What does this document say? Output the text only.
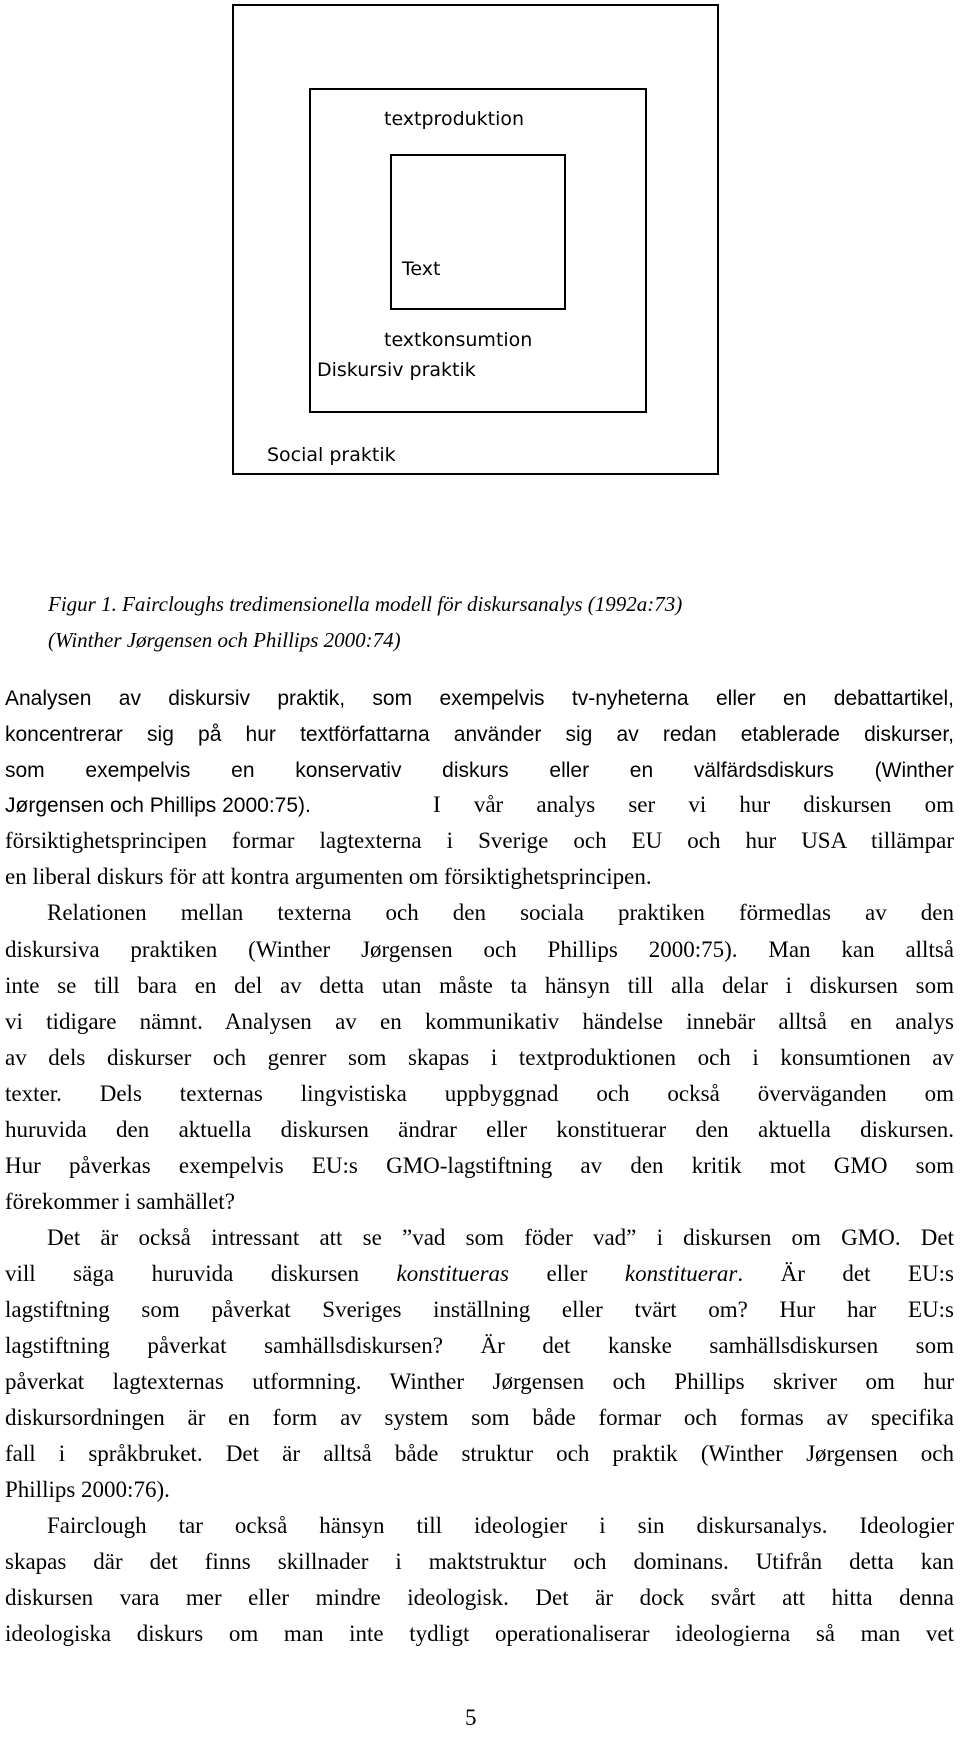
textproduktion
Text
textkonsumtion
Diskursiv praktik
Social praktik
Figur 1. Faircloughs tredimensionella modell för diskursanalys (1992a:73)
(Winther Jørgensen och Phillips 2000:74)
Analysen av diskursiv praktik, som exempelvis tv-nyheterna eller en debattartikel,
koncentrerar sig på hur textförfattarna använder sig av redan etablerade diskurser,
som exempelvis en konservativ diskurs eller en välfärdsdiskurs (Winther
Jørgensen och Phillips 2000:75).	I vår analys ser vi hur diskursen om
försiktighetsprincipen formar lagtexterna i Sverige och EU och hur USA tillämpar
en liberal diskurs för att kontra argumenten om försiktighetsprincipen.
Relationen mellan texterna och den sociala praktiken förmedlas av den
diskursiva praktiken (Winther Jørgensen och Phillips 2000:75). Man kan alltså
inte se till bara en del av detta utan måste ta hänsyn till alla delar i diskursen som
vi tidigare nämnt. Analysen av en kommunikativ händelse innebär alltså en analys
av dels diskurser och genrer som skapas i textproduktionen och i konsumtionen av
texter. Dels texternas lingvistiska uppbyggnad och också överväganden om
huruvida den aktuella diskursen ändrar eller konstituerar den aktuella diskursen.
Hur påverkas exempelvis EU:s GMO-lagstiftning av den kritik mot GMO som
förekommer i samhället?
Det är också intressant att se ”vad som föder vad” i diskursen om GMO. Det
vill säga huruvida diskursen konstitueras eller konstituerar. Är det EU:s
lagstiftning som påverkat Sveriges inställning eller tvärt om? Hur har EU:s
lagstiftning påverkat samhällsdiskursen? Är det kanske samhällsdiskursen som
påverkat lagtexternas utformning. Winther Jørgensen och Phillips skriver om hur
diskursordningen är en form av system som både formar och formas av specifika
fall i språkbruket. Det är alltså både struktur och praktik (Winther Jørgensen och
Phillips 2000:76).
Fairclough tar också hänsyn till ideologier i sin diskursanalys. Ideologier
skapas där det finns skillnader i maktstruktur och dominans. Utifrån detta kan
diskursen vara mer eller mindre ideologisk. Det är dock svårt att hitta denna
ideologiska diskurs om man inte tydligt operationaliserar ideologierna så man vet
5
